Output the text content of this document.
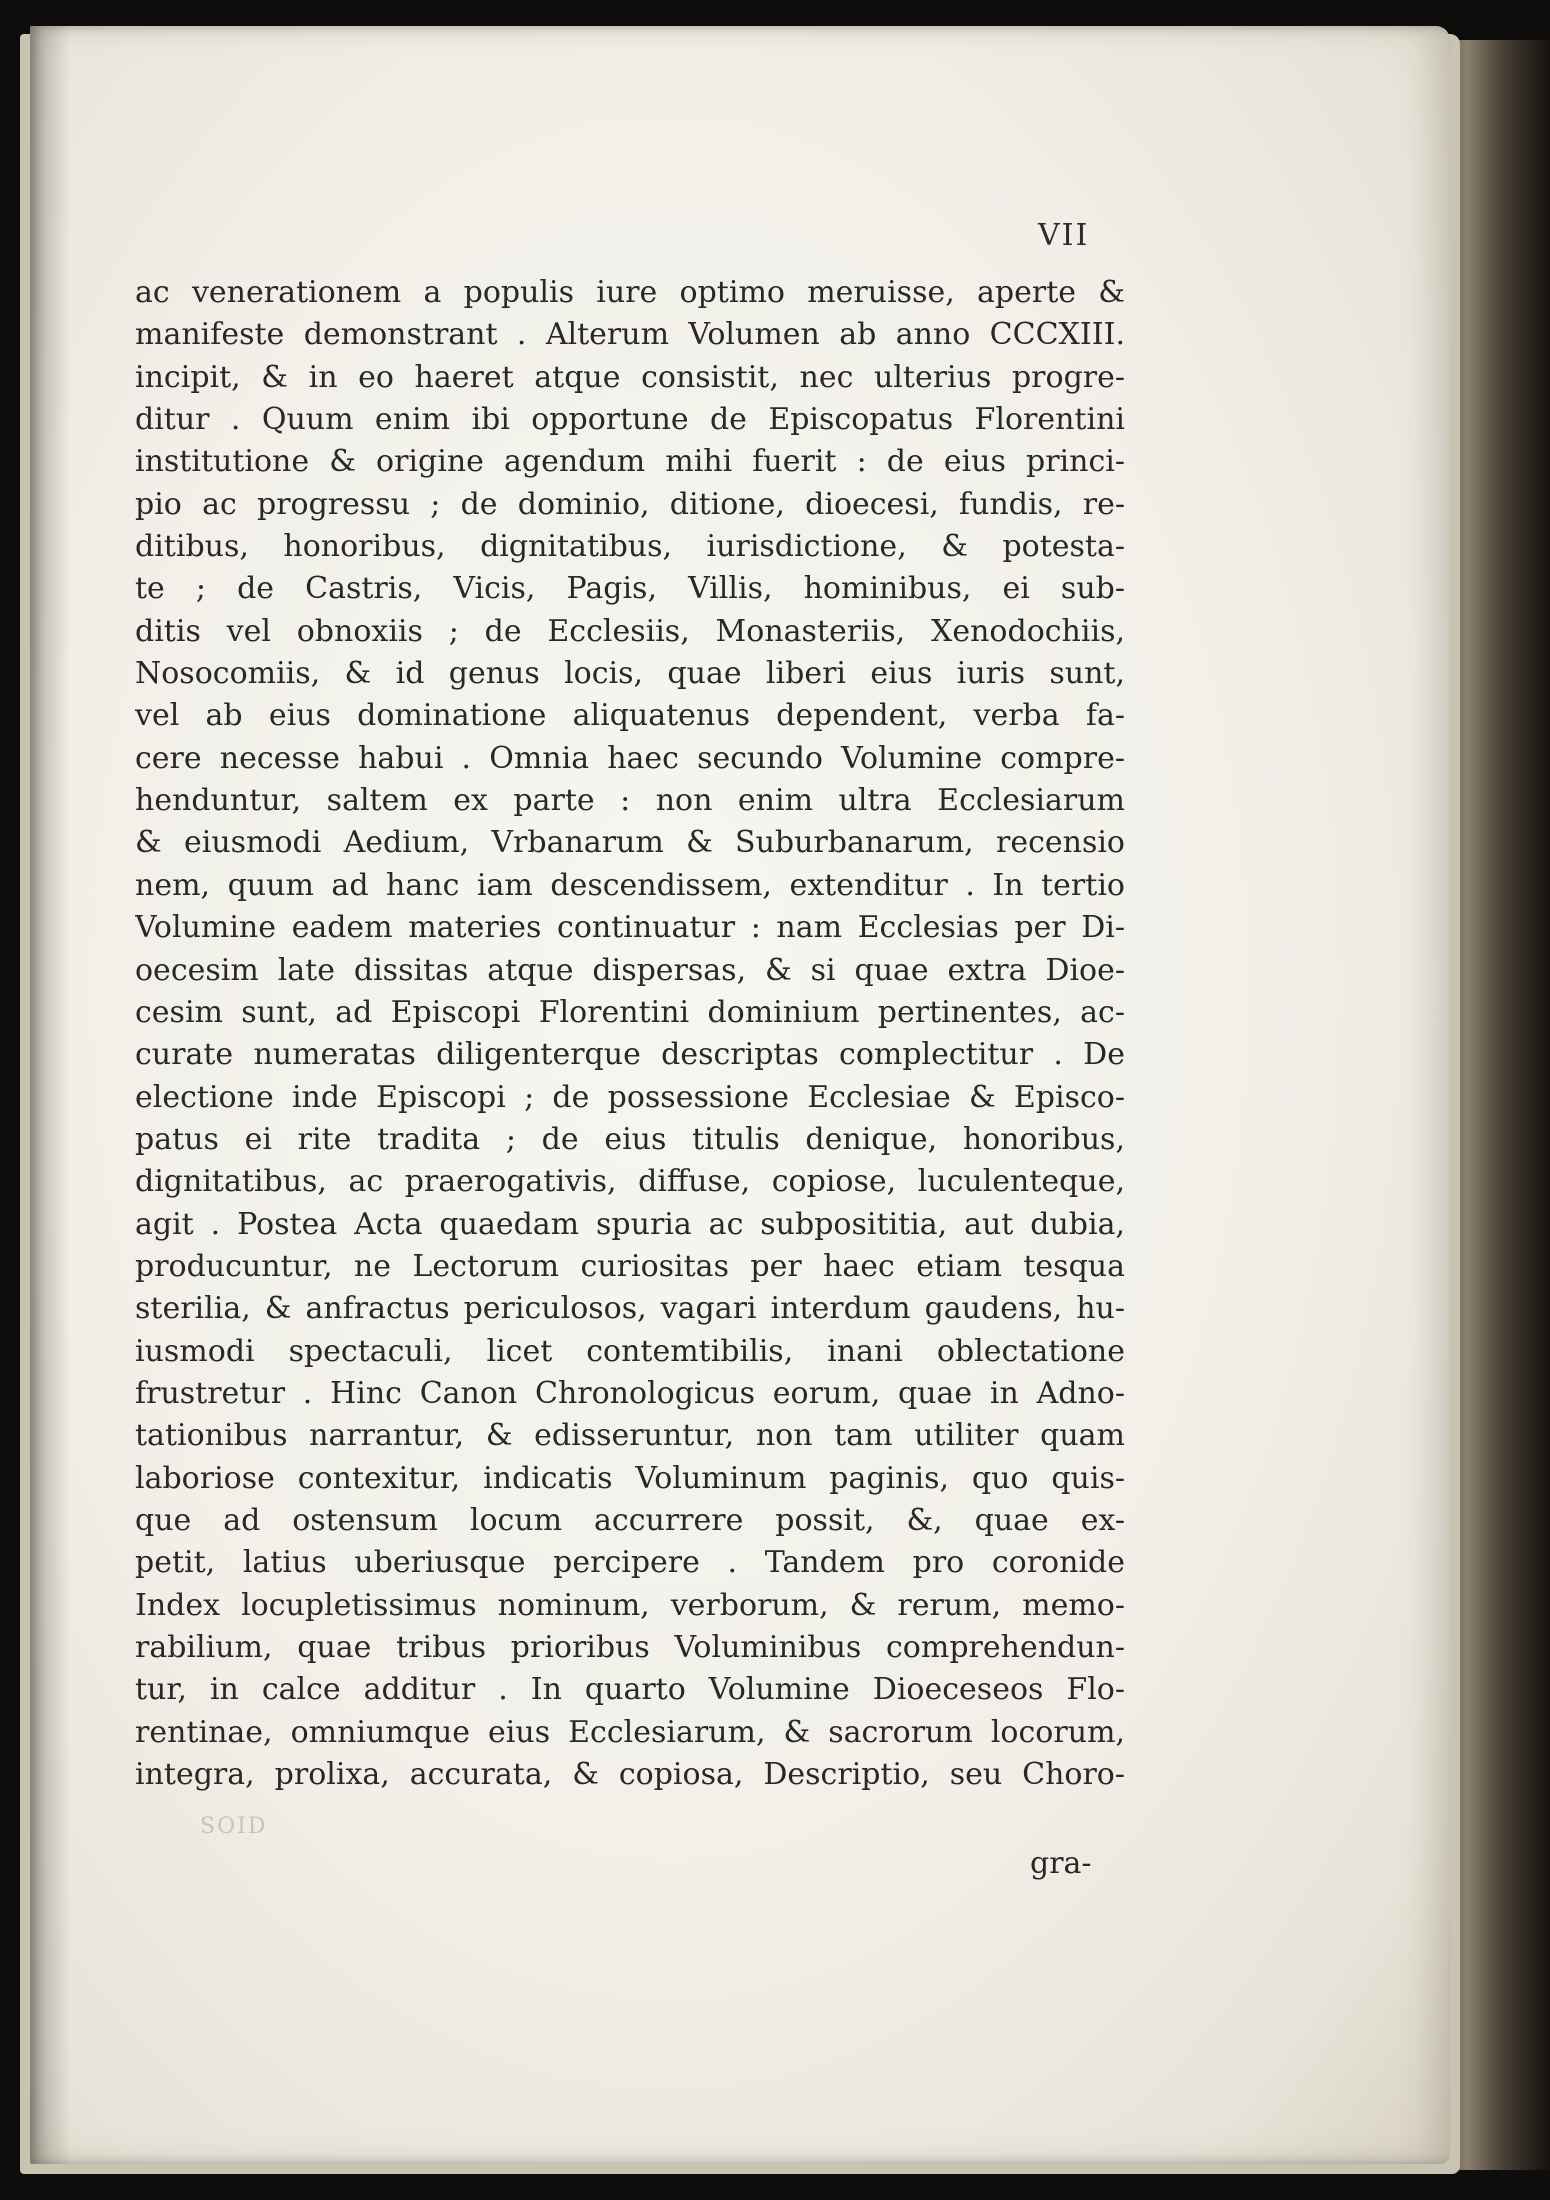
VII
SOID
ac venerationem a populis iure optimo meruisse, aperte &
manifeste demonstrant . Alterum Volumen ab anno CCCXIII.
incipit, & in eo haeret atque consistit, nec ulterius progre-
ditur . Quum enim ibi opportune de Episcopatus Florentini
institutione & origine agendum mihi fuerit : de eius princi-
pio ac progressu ; de dominio, ditione, dioecesi, fundis, re-
ditibus, honoribus, dignitatibus, iurisdictione, & potesta-
te ; de Castris, Vicis, Pagis, Villis, hominibus, ei sub-
ditis vel obnoxiis ; de Ecclesiis, Monasteriis, Xenodochiis,
Nosocomiis, & id genus locis, quae liberi eius iuris sunt,
vel ab eius dominatione aliquatenus dependent, verba fa-
cere necesse habui . Omnia haec secundo Volumine compre-
henduntur, saltem ex parte : non enim ultra Ecclesiarum
& eiusmodi Aedium, Vrbanarum & Suburbanarum, recensio
nem, quum ad hanc iam descendissem, extenditur . In tertio
Volumine eadem materies continuatur : nam Ecclesias per Di-
oecesim late dissitas atque dispersas, & si quae extra Dioe-
cesim sunt, ad Episcopi Florentini dominium pertinentes, ac-
curate numeratas diligenterque descriptas complectitur . De
electione inde Episcopi ; de possessione Ecclesiae & Episco-
patus ei rite tradita ; de eius titulis denique, honoribus,
dignitatibus, ac praerogativis, diffuse, copiose, luculenteque,
agit . Postea Acta quaedam spuria ac subposititia, aut dubia,
producuntur, ne Lectorum curiositas per haec etiam tesqua
sterilia, & anfractus periculosos, vagari interdum gaudens, hu-
iusmodi spectaculi, licet contemtibilis, inani oblectatione
frustretur . Hinc Canon Chronologicus eorum, quae in Adno-
tationibus narrantur, & edisseruntur, non tam utiliter quam
laboriose contexitur, indicatis Voluminum paginis, quo quis-
que ad ostensum locum accurrere possit, &, quae ex-
petit, latius uberiusque percipere . Tandem pro coronide
Index locupletissimus nominum, verborum, & rerum, memo-
rabilium, quae tribus prioribus Voluminibus comprehendun-
tur, in calce additur . In quarto Volumine Dioeceseos Flo-
rentinae, omniumque eius Ecclesiarum, & sacrorum locorum,
integra, prolixa, accurata, & copiosa, Descriptio, seu Choro-
gra-
